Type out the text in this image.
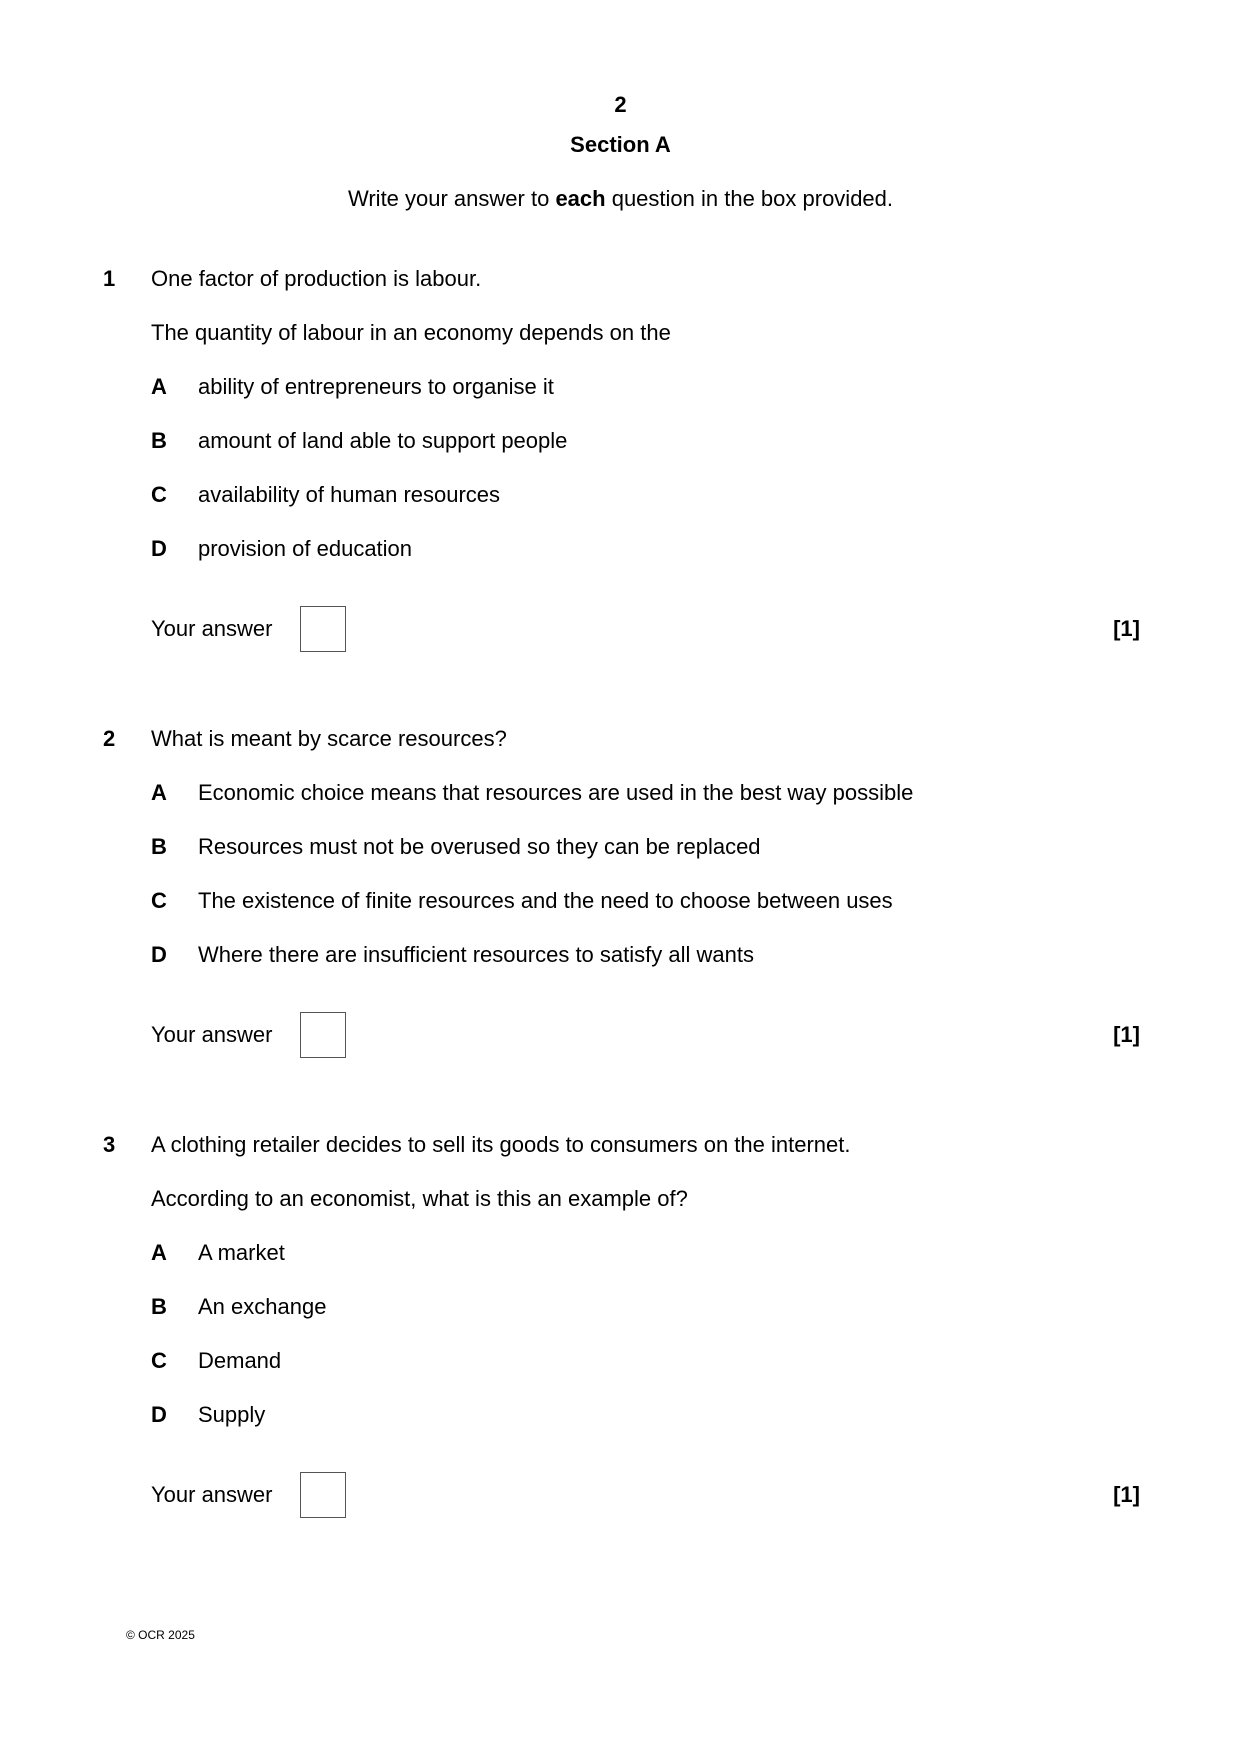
2
Section A
Write your answer to each question in the box provided.
1 One factor of production is labour.
The quantity of labour in an economy depends on the
A ability of entrepreneurs to organise it
B amount of land able to support people
C availability of human resources
D provision of education
Your answer	[1]
2 What is meant by scarce resources?
A Economic choice means that resources are used in the best way possible
B Resources must not be overused so they can be replaced
C The existence of finite resources and the need to choose between uses
D Where there are insufficient resources to satisfy all wants
Your answer	[1]
3 A clothing retailer decides to sell its goods to consumers on the internet.
According to an economist, what is this an example of?
A A market
B An exchange
C Demand
D Supply
Your answer	[1]
© OCR 2025
